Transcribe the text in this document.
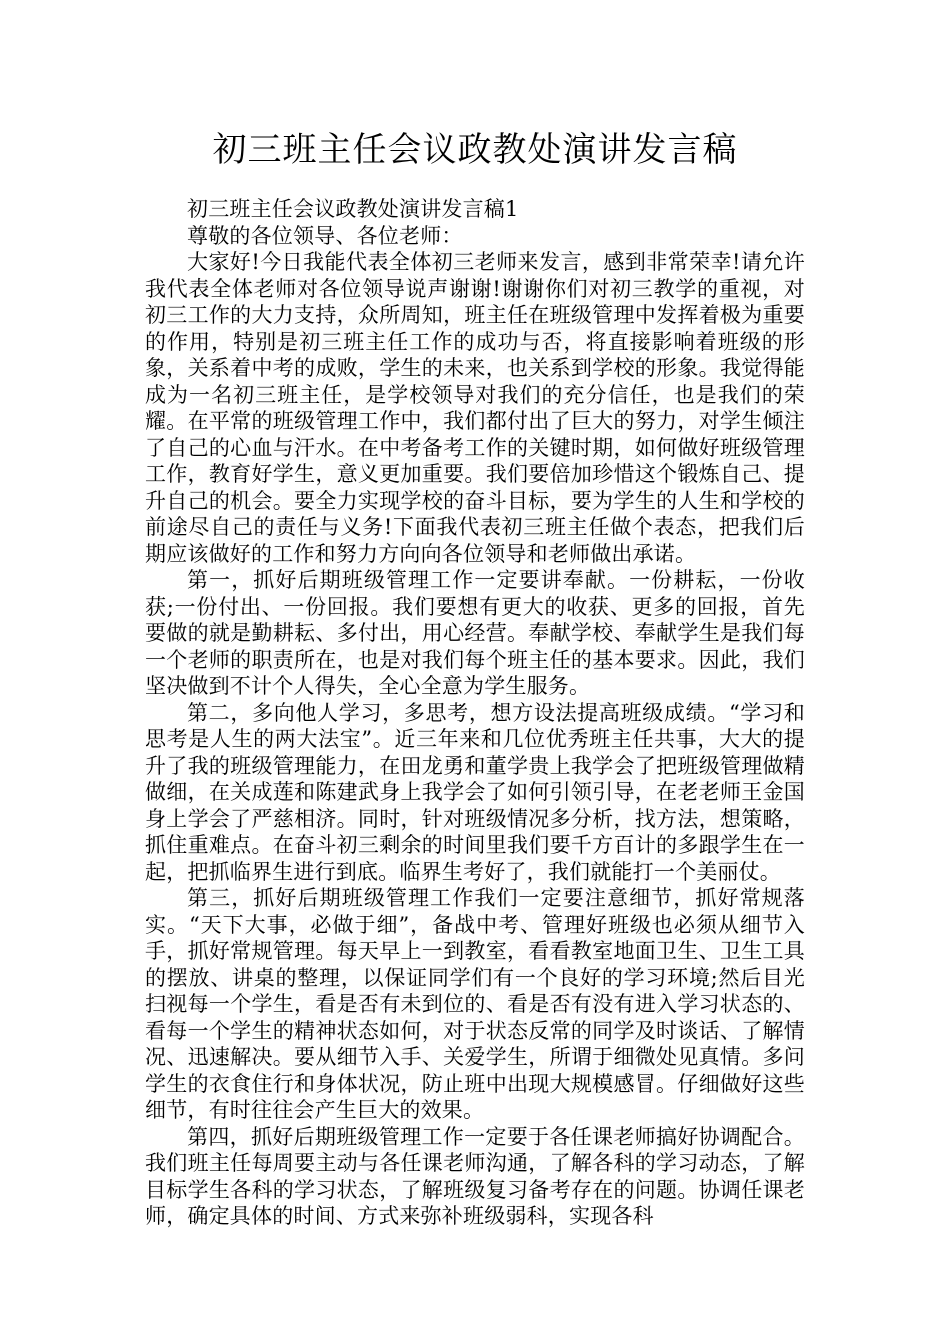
初三班主任会议政教处演讲发言稿

初三班主任会议政教处演讲发言稿1

尊敬的各位领导、各位老师：

大家好!今日我能代表全体初三老师来发言，感到非常荣幸!请允许我代表全体老师对各位领导说声谢谢!谢谢你们对初三教学的重视，对初三工作的大力支持，众所周知，班主任在班级管理中发挥着极为重要的作用，特别是初三班主任工作的成功与否，将直接影响着班级的形象，关系着中考的成败，学生的未来，也关系到学校的形象。我觉得能成为一名初三班主任，是学校领导对我们的充分信任，也是我们的荣耀。在平常的班级管理工作中，我们都付出了巨大的努力，对学生倾注了自己的心血与汗水。在中考备考工作的关键时期，如何做好班级管理工作，教育好学生，意义更加重要。我们要倍加珍惜这个锻炼自己、提升自己的机会。要全力实现学校的奋斗目标，要为学生的人生和学校的前途尽自己的责任与义务!下面我代表初三班主任做个表态，把我们后期应该做好的工作和努力方向向各位领导和老师做出承诺。

第一，抓好后期班级管理工作一定要讲奉献。一份耕耘，一份收获;一份付出、一份回报。我们要想有更大的收获、更多的回报，首先要做的就是勤耕耘、多付出，用心经营。奉献学校、奉献学生是我们每一个老师的职责所在，也是对我们每个班主任的基本要求。因此，我们坚决做到不计个人得失，全心全意为学生服务。

第二，多向他人学习，多思考，想方设法提高班级成绩。“学习和思考是人生的两大法宝”。近三年来和几位优秀班主任共事，大大的提升了我的班级管理能力，在田龙勇和董学贵上我学会了把班级管理做精做细，在关成莲和陈建武身上我学会了如何引领引导，在老老师王金国身上学会了严慈相济。同时，针对班级情况多分析，找方法，想策略，抓住重难点。在奋斗初三剩余的时间里我们要千方百计的多跟学生在一起，把抓临界生进行到底。临界生考好了，我们就能打一个美丽仗。

第三，抓好后期班级管理工作我们一定要注意细节，抓好常规落实。“天下大事，必做于细”，备战中考、管理好班级也必须从细节入手，抓好常规管理。每天早上一到教室，看看教室地面卫生、卫生工具的摆放、讲桌的整理，以保证同学们有一个良好的学习环境;然后目光扫视每一个学生，看是否有未到位的、看是否有没有进入学习状态的、看每一个学生的精神状态如何，对于状态反常的同学及时谈话、了解情况、迅速解决。要从细节入手、关爱学生，所谓于细微处见真情。多问学生的衣食住行和身体状况，防止班中出现大规模感冒。仔细做好这些细节，有时往往会产生巨大的效果。

第四，抓好后期班级管理工作一定要于各任课老师搞好协调配合。我们班主任每周要主动与各任课老师沟通，了解各科的学习动态，了解目标学生各科的学习状态，了解班级复习备考存在的问题。协调任课老师，确定具体的时间、方式来弥补班级弱科，实现各科
